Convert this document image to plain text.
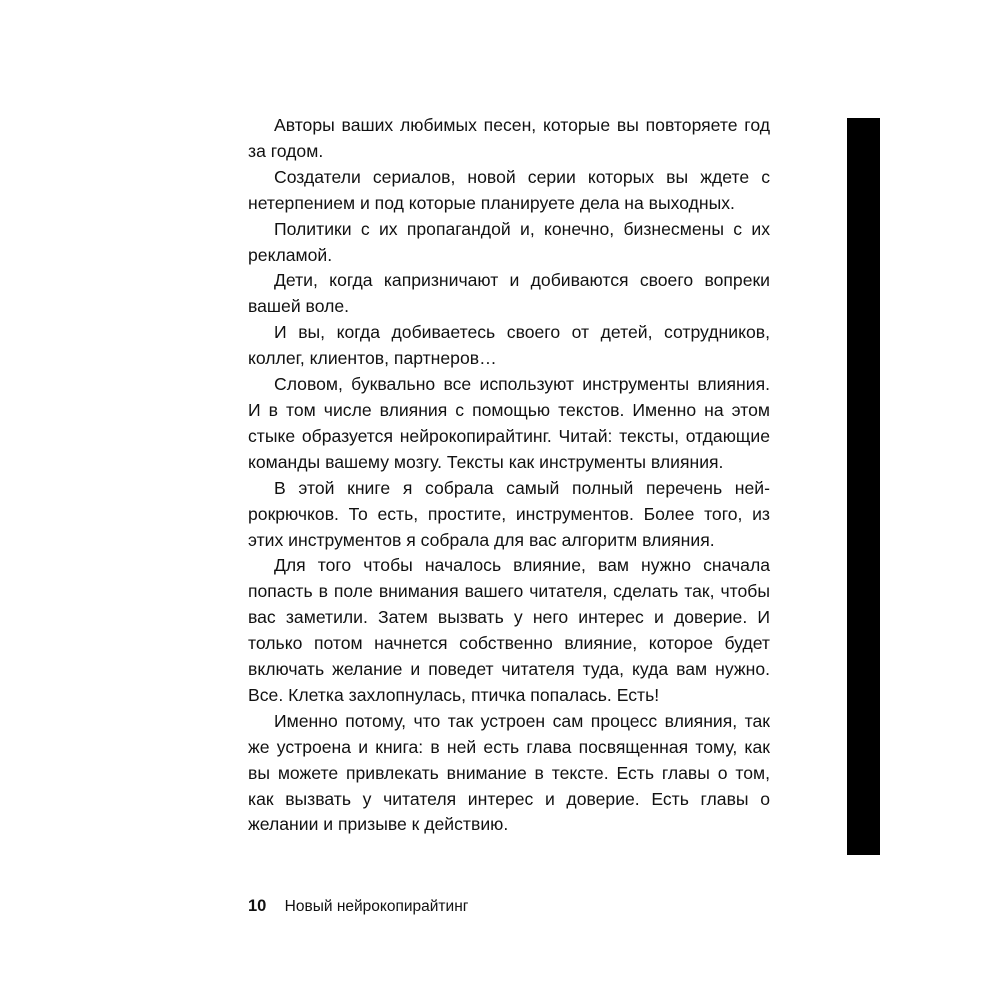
Авторы ваших любимых песен, которые вы повторяете год за годом.

Создатели сериалов, новой серии которых вы ждете с нетерпением и под которые планируете дела на выходных.

Политики с их пропагандой и, конечно, бизнесмены с их рекламой.

Дети, когда капризничают и добиваются своего вопреки вашей воле.

И вы, когда добиваетесь своего от детей, сотрудников, коллег, клиентов, партнеров…

Словом, буквально все используют инструменты влияния. И в том числе влияния с помощью текстов. Именно на этом стыке образуется нейрокопирайтинг. Читай: тексты, отдающие команды вашему мозгу. Тексты как инструменты влияния.

В этой книге я собрала самый полный перечень нейрокрючков. То есть, простите, инструментов. Более того, из этих инструментов я собрала для вас алгоритм влияния.

Для того чтобы началось влияние, вам нужно сначала попасть в поле внимания вашего читателя, сделать так, чтобы вас заметили. Затем вызвать у него интерес и доверие. И только потом начнется собственно влияние, которое будет включать желание и поведет читателя туда, куда вам нужно. Все. Клетка захлопнулась, птичка попалась. Есть!

Именно потому, что так устроен сам процесс влияния, так же устроена и книга: в ней есть глава посвященная тому, как вы можете привлекать внимание в тексте. Есть главы о том, как вызвать у читателя интерес и доверие. Есть главы о желании и призыве к действию.

10 Новый нейрокопирайтинг
